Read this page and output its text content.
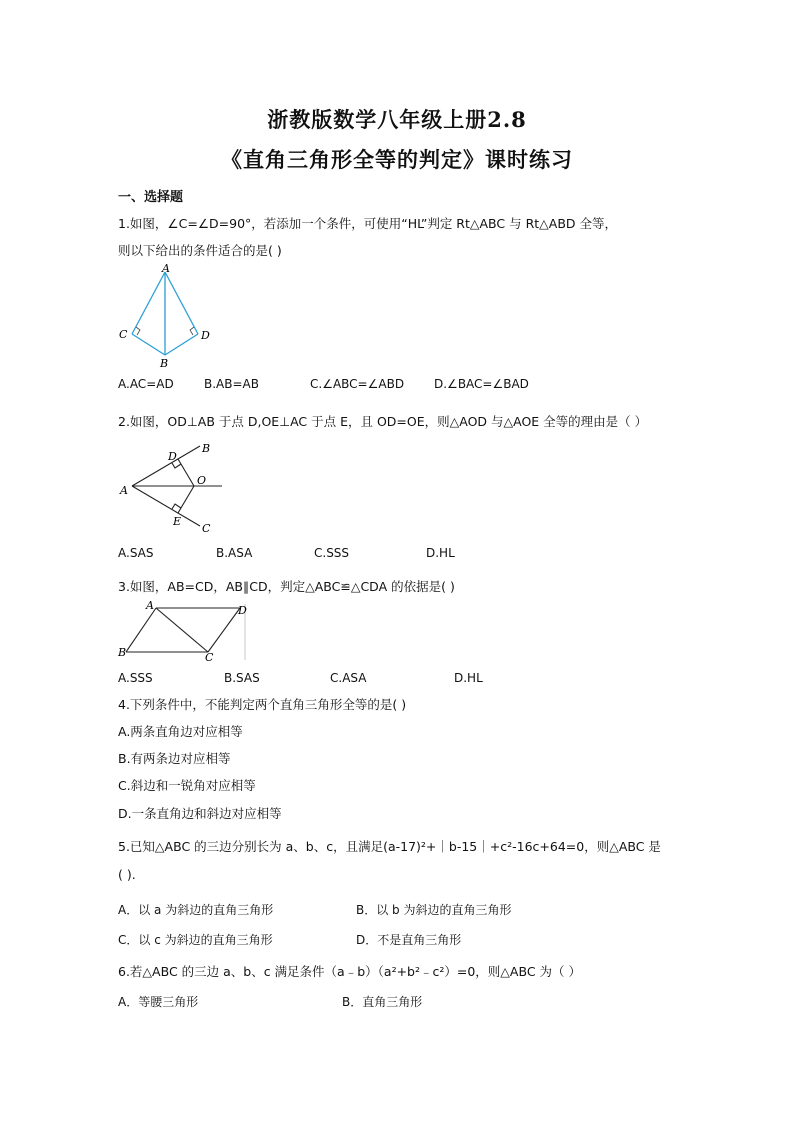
浙教版数学八年级上册2.8
《直角三角形全等的判定》课时练习
一、选择题
1.如图，∠C=∠D=90°，若添加一个条件，可使用“HL”判定 Rt△ABC 与 Rt△ABD 全等，
则以下给出的条件适合的是( )
A
C	D
B
A.AC=AD	B.AB=AB	C.∠ABC=∠ABD D.∠BAC=∠BAD
2.如图，OD⊥AB 于点 D,OE⊥AC 于点 E，且 OD=OE，则△AOD 与△AOE 全等的理由是（ ）
A
B
D
O
E
C
A.SAS	B.ASA	C.SSS	D.HL
3.如图，AB=CD，AB∥CD，判定△ABC≌△CDA 的依据是( )
A	D
B	C
A.SSS	B.SAS	C.ASA	D.HL
4.下列条件中，不能判定两个直角三角形全等的是( )
A.两条直角边对应相等
B.有两条边对应相等
C.斜边和一锐角对应相等
D.一条直角边和斜边对应相等
5.已知△ABC 的三边分别长为 a、b、c，且满足(a-17)²+｜b-15｜+c²-16c+64=0，则△ABC 是
( ).
A．以 a 为斜边的直角三角形	B．以 b 为斜边的直角三角形
C．以 c 为斜边的直角三角形	D．不是直角三角形
6.若△ABC 的三边 a、b、c 满足条件（a﹣b）（a²+b²﹣c²）=0，则△ABC 为（ ）
A．等腰三角形	B．直角三角形
